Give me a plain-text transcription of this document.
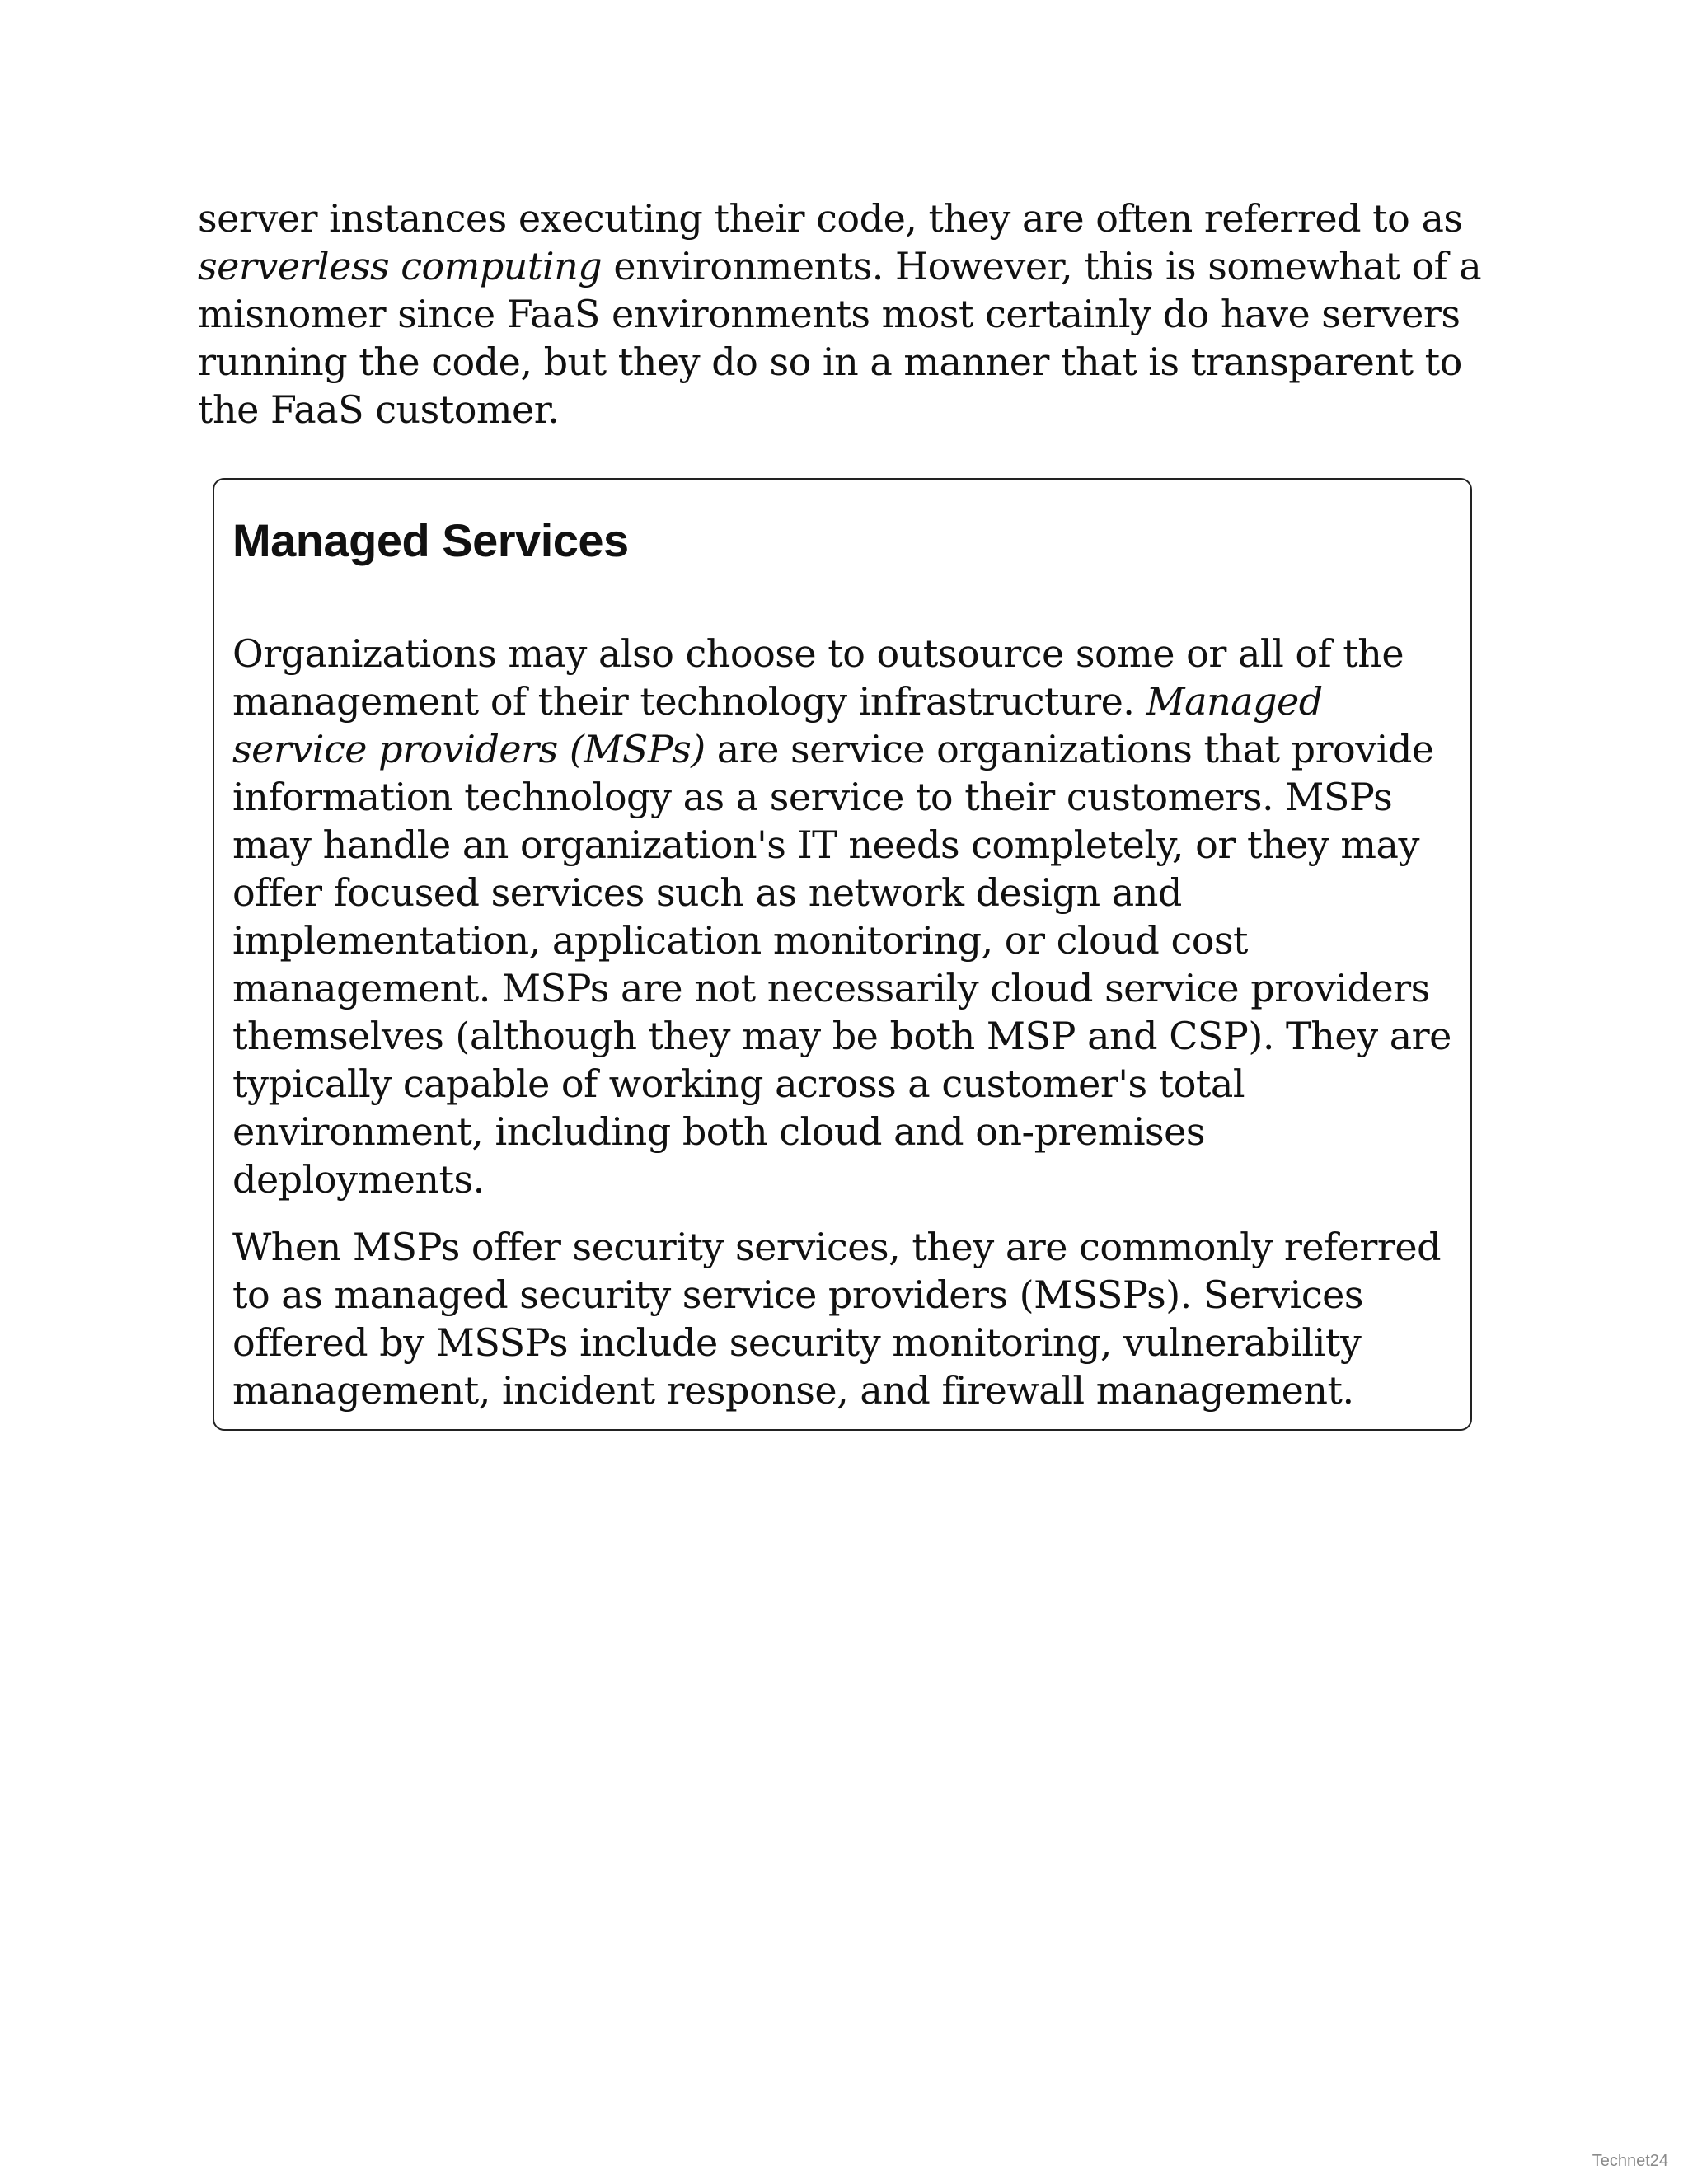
server instances executing their code, they are often referred to as serverless computing environments. However, this is somewhat of a misnomer since FaaS environments most certainly do have servers running the code, but they do so in a manner that is transparent to the FaaS customer.

Managed Services

Organizations may also choose to outsource some or all of the management of their technology infrastructure. Managed service providers (MSPs) are service organizations that provide information technology as a service to their customers. MSPs may handle an organization's IT needs completely, or they may offer focused services such as network design and implementation, application monitoring, or cloud cost management. MSPs are not necessarily cloud service providers themselves (although they may be both MSP and CSP). They are typically capable of working across a customer's total environment, including both cloud and on-premises deployments.

When MSPs offer security services, they are commonly referred to as managed security service providers (MSSPs). Services offered by MSSPs include security monitoring, vulnerability management, incident response, and firewall management.

Technet24
